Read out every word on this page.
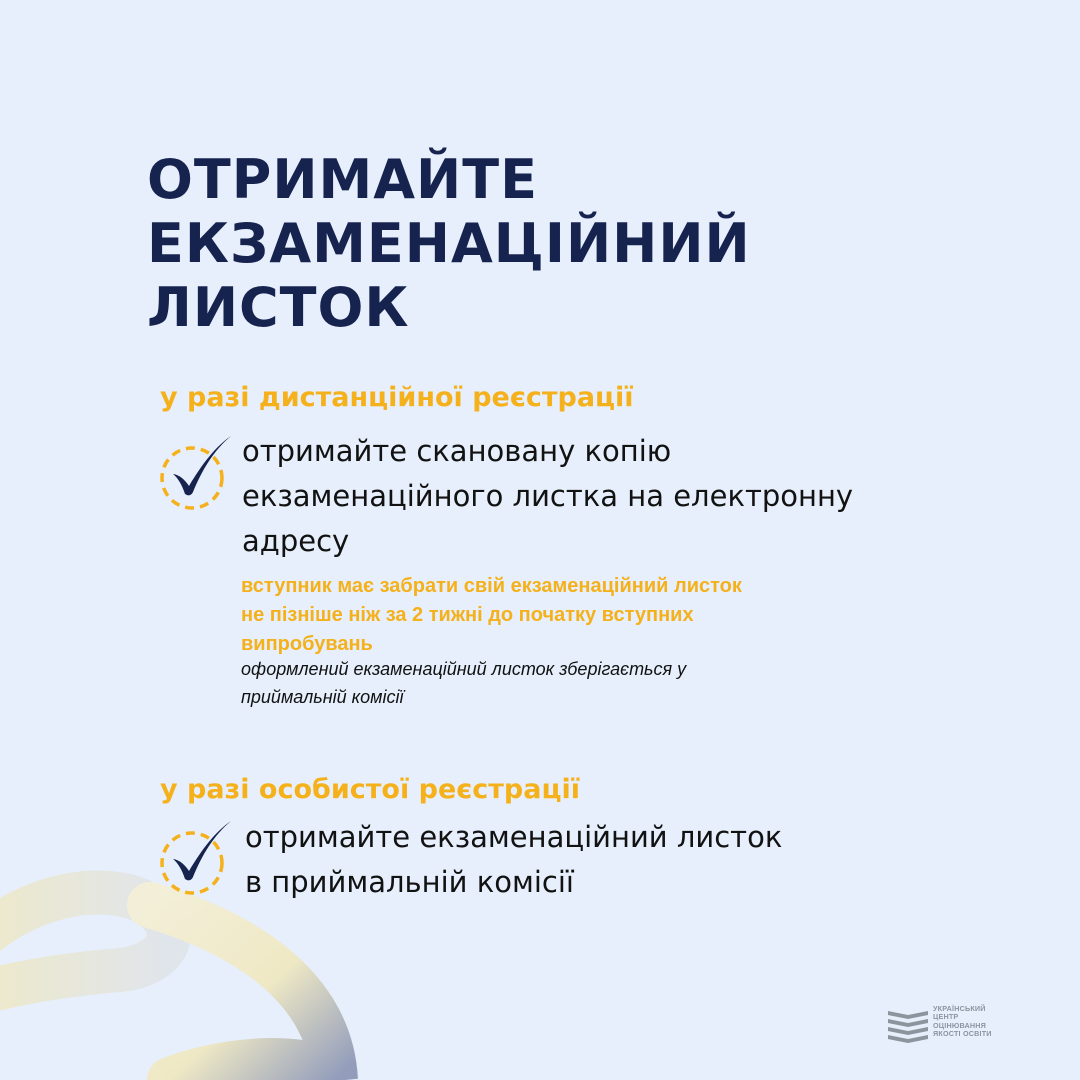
ОТРИМАЙТЕ
ЕКЗАМЕНАЦІЙНИЙ
ЛИСТОК
у разі дистанційної реєстрації

отримайте скановану копію
екзаменаційного листка на електронну
адресу

вступник має забрати свій екзаменаційний листок
не пізніше ніж за 2 тижні до початку вступних
випробувань

оформлений екзаменаційний листок зберігається у
приймальній комісії

у разі особистої реєстрації

отримайте екзаменаційний листок
в приймальній комісії

УКРАЇНСЬКИЙ
ЦЕНТР
ОЦІНЮВАННЯ
ЯКОСТІ ОСВІТИ
